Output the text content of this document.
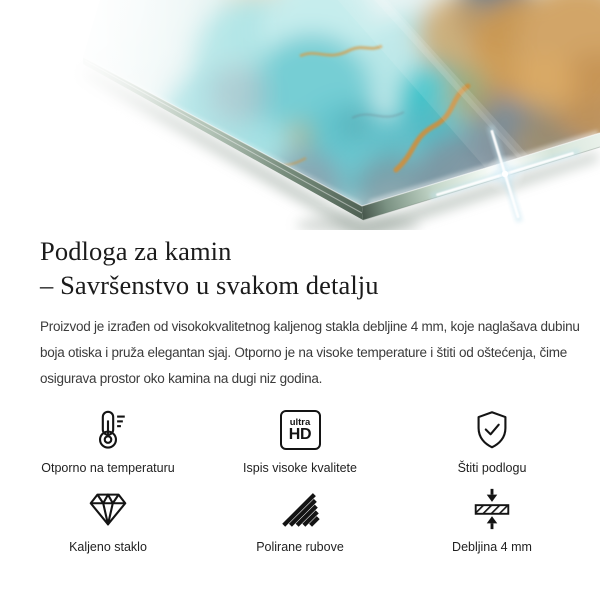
Podloga za kamin
– Savršenstvo u svakom detalju

Proizvod je izrađen od visokokvalitetnog kaljenog stakla debljine 4 mm, koje naglašava dubinu
boja otiska i pruža elegantan sjaj. Otporno je na visoke temperature i štiti od oštećenja, čime
osigurava prostor oko kamina na dugi niz godina.

Otporno na temperaturu
ultra
HD
Ispis visoke kvalitete	Štiti podlogu
Kaljeno staklo	Polirane rubove	Debljina 4 mm
